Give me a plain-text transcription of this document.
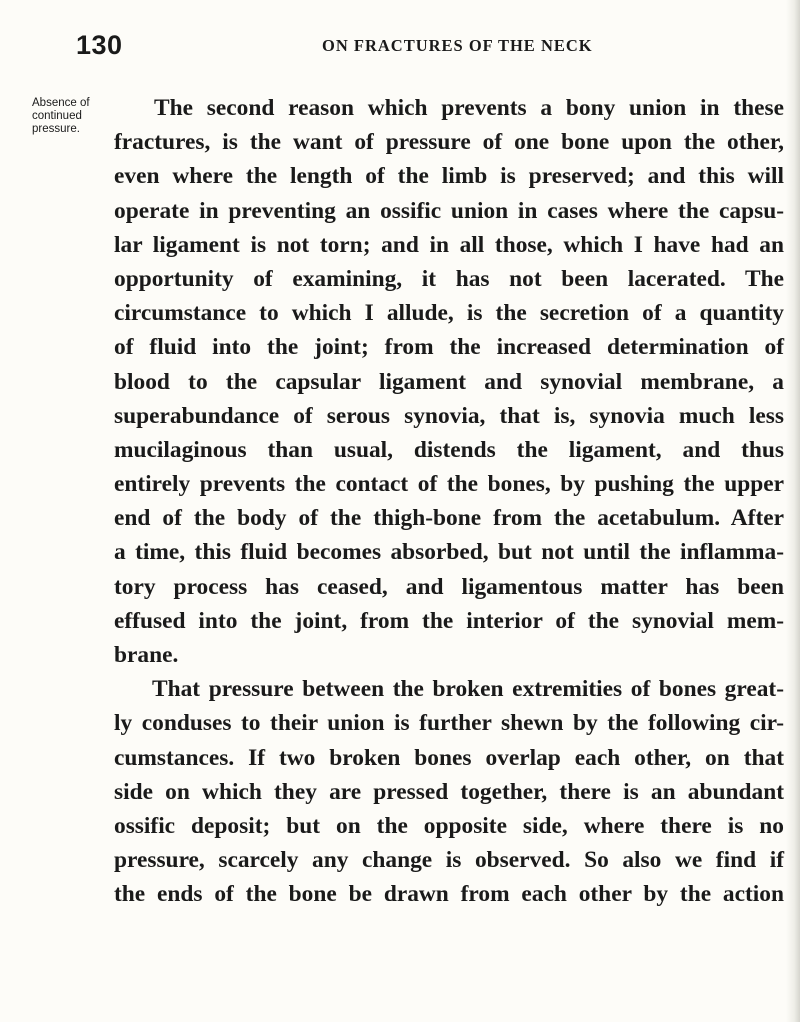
130	ON FRACTURES OF THE NECK
Absence of
continued
pressure.
The second reason which prevents a bony union in these
fractures, is the want of pressure of one bone upon the other,
even where the length of the limb is preserved; and this will
operate in preventing an ossific union in cases where the capsu-
lar ligament is not torn; and in all those, which I have had an
opportunity of examining, it has not been lacerated. The
circumstance to which I allude, is the secretion of a quantity
of fluid into the joint; from the increased determination of
blood to the capsular ligament and synovial membrane, a
superabundance of serous synovia, that is, synovia much less
mucilaginous than usual, distends the ligament, and thus
entirely prevents the contact of the bones, by pushing the upper
end of the body of the thigh-bone from the acetabulum. After
a time, this fluid becomes absorbed, but not until the inflamma-
tory process has ceased, and ligamentous matter has been
effused into the joint, from the interior of the synovial mem-
brane.
That pressure between the broken extremities of bones great-
ly conduses to their union is further shewn by the following cir-
cumstances. If two broken bones overlap each other, on that
side on which they are pressed together, there is an abundant
ossific deposit; but on the opposite side, where there is no
pressure, scarcely any change is observed. So also we find if
the ends of the bone be drawn from each other by the action
